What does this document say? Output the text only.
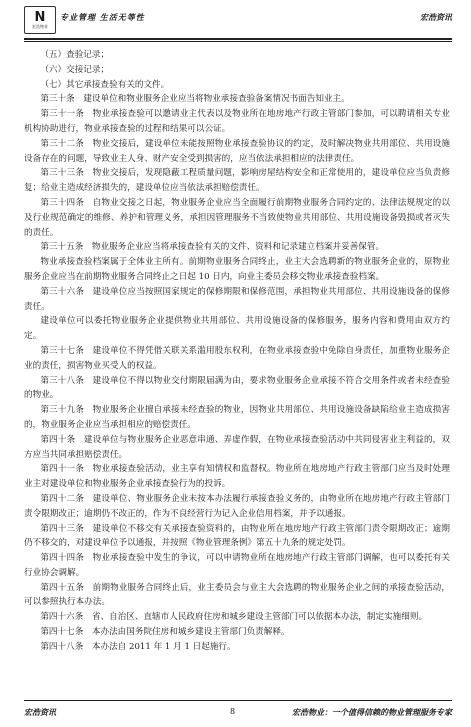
N
宏浩物业
专业管理 生活无等性	宏浩资讯

（五）查验记录；

（六）交接记录；

（七）其它承接查验有关的文件。

第三十条　建设单位和物业服务企业应当将物业承接查验备案情况书面告知业主。

第三十一条　物业承接查验可以邀请业主代表以及物业所在地房地产行政主管部门参加，可以聘请相关专业机构协助进行，物业承接查验的过程和结果可以公证。

第三十二条　物业交接后，建设单位未能按照物业承接查验协议的约定，及时解决物业共用部位、共用设施设备存在的问题，导致业主人身、财产安全受到损害的，应当依法承担相应的法律责任。

第三十三条　物业交接后，发现隐蔽工程质量问题，影响房屋结构安全和正常使用的，建设单位应当负责修复；给业主造成经济损失的，建设单位应当依法承担赔偿责任。

第三十四条　自物业交接之日起，物业服务企业应当全面履行前期物业服务合同约定的、法律法规规定的以及行业规范确定的维修、养护和管理义务，承担因管理服务不当致使物业共用部位、共用设施设备毁损或者灭失的责任。

第三十五条　物业服务企业应当将承接查验有关的文件、资料和记录建立档案并妥善保管。

物业承接查验档案属于全体业主所有。前期物业服务合同终止，业主大会选聘新的物业服务企业的，原物业服务企业应当在前期物业服务合同终止之日起 10 日内，向业主委员会移交物业承接查验档案。

第三十六条　建设单位应当按照国家规定的保修期限和保修范围，承担物业共用部位、共用设施设备的保修责任。

建设单位可以委托物业服务企业提供物业共用部位、共用设施设备的保修服务，服务内容和费用由双方约定。

第三十七条　建设单位不得凭借关联关系滥用股东权利，在物业承接查验中免除自身责任，加重物业服务企业的责任，损害物业买受人的权益。

第三十八条　建设单位不得以物业交付期限届满为由，要求物业服务企业承接不符合交用条件或者未经查验的物业。

第三十九条　物业服务企业擅自承接未经查验的物业，因物业共用部位、共用设施设备缺陷给业主造成损害的，物业服务企业应当承担相应的赔偿责任。

第四十条　建设单位与物业服务企业恶意串通、弄虚作假，在物业承接查验活动中共同侵害业主利益的，双方应当共同承担赔偿责任。

第四十一条　物业承接查验活动，业主享有知情权和监督权。物业所在地房地产行政主管部门应当及时处理业主对建设单位和物业服务企业承接查验行为的投诉。

第四十二条　建设单位、物业服务企业未按本办法履行承接查验义务的，由物业所在地房地产行政主管部门责令限期改正；逾期仍不改正的，作为不良经营行为记入企业信用档案，并予以通报。

第四十三条　建设单位不移交有关承接查验资料的，由物业所在地房地产行政主管部门责令限期改正；逾期仍不移交的，对建设单位予以通报，并按照《物业管理条例》第五十九条的规定处罚。

第四十四条　物业承接查验中发生的争议，可以申请物业所在地房地产行政主管部门调解，也可以委托有关行业协会调解。

第四十五条　前期物业服务合同终止后，业主委员会与业主大会选聘的物业服务企业之间的承接查验活动，可以参照执行本办法。

第四十六条　省、自治区、直辖市人民政府住房和城乡建设主管部门可以依据本办法，制定实施细则。

第四十七条　本办法由国务院住房和城乡建设主管部门负责解释。

第四十八条　本办法自 2011 年 1 月 1 日起施行。

宏浩资讯	8	宏浩物业：一个值得信赖的物业管理服务专家
